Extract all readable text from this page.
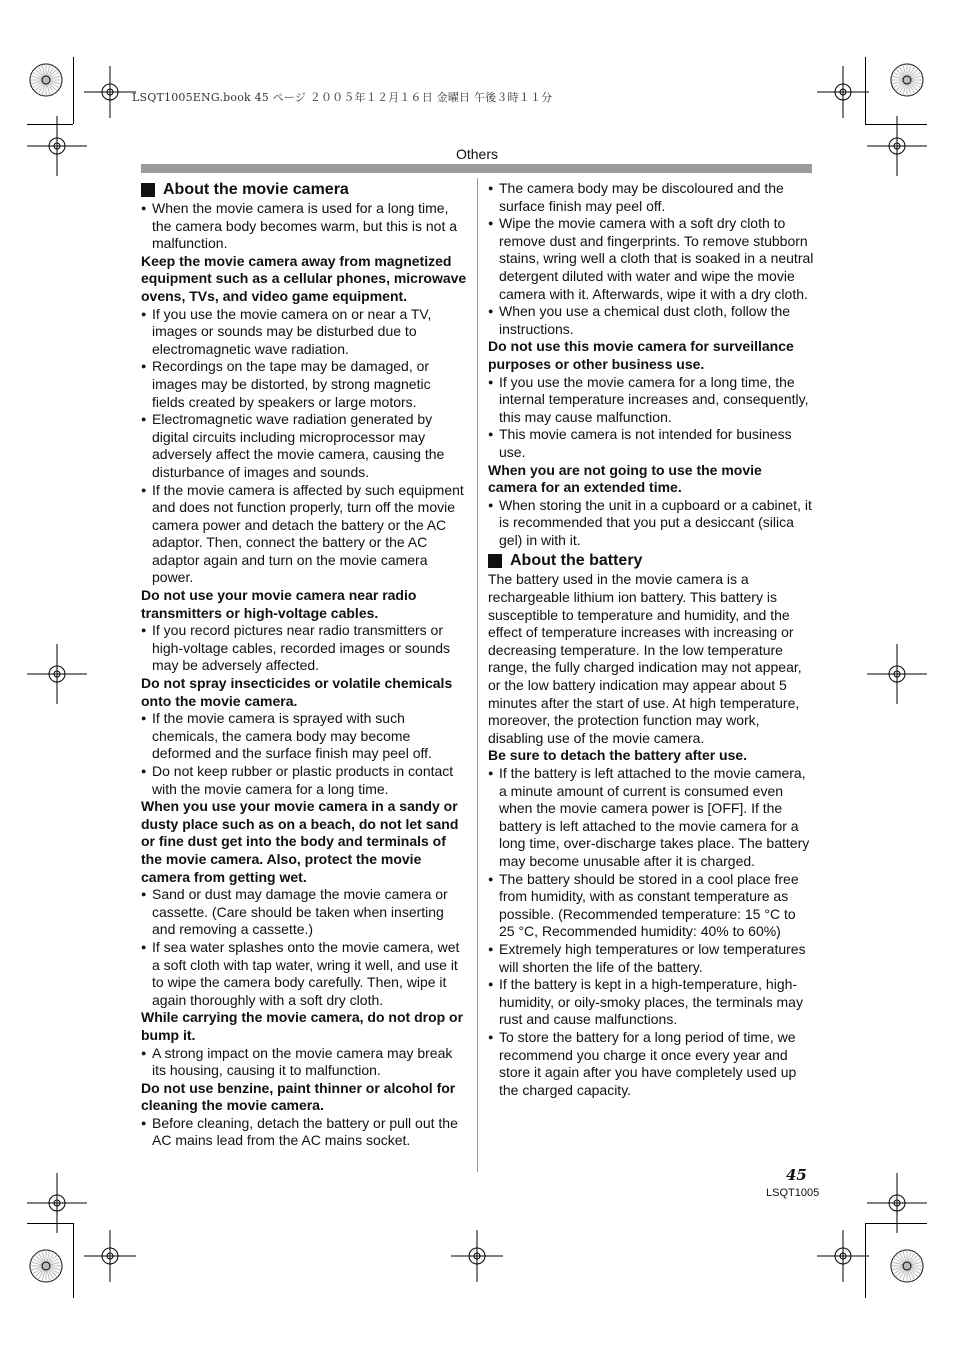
LSQT1005ENG.book 45 ページ ２００５年１２月１６日 金曜日 午後３時１１分
Others
About the movie camera

● When the movie camera is used for a long time, the camera body becomes warm, but this is not a malfunction.

Keep the movie camera away from magnetized equipment such as a cellular phones, microwave ovens, TVs, and video game equipment.

● If you use the movie camera on or near a TV, images or sounds may be disturbed due to electromagnetic wave radiation.

● Recordings on the tape may be damaged, or images may be distorted, by strong magnetic fields created by speakers or large motors.

● Electromagnetic wave radiation generated by digital circuits including microprocessor may adversely affect the movie camera, causing the disturbance of images and sounds.

● If the movie camera is affected by such equipment and does not function properly, turn off the movie camera power and detach the battery or the AC adaptor. Then, connect the battery or the AC adaptor again and turn on the movie camera power.

Do not use your movie camera near radio transmitters or high-voltage cables.

● If you record pictures near radio transmitters or high-voltage cables, recorded images or sounds may be adversely affected.

Do not spray insecticides or volatile chemicals onto the movie camera.

● If the movie camera is sprayed with such chemicals, the camera body may become deformed and the surface finish may peel off.

● Do not keep rubber or plastic products in contact with the movie camera for a long time.

When you use your movie camera in a sandy or dusty place such as on a beach, do not let sand or fine dust get into the body and terminals of the movie camera. Also, protect the movie camera from getting wet.

● Sand or dust may damage the movie camera or cassette. (Care should be taken when inserting and removing a cassette.)

● If sea water splashes onto the movie camera, wet a soft cloth with tap water, wring it well, and use it to wipe the camera body carefully. Then, wipe it again thoroughly with a soft dry cloth.

While carrying the movie camera, do not drop or bump it.

● A strong impact on the movie camera may break its housing, causing it to malfunction.

Do not use benzine, paint thinner or alcohol for cleaning the movie camera.

● Before cleaning, detach the battery or pull out the AC mains lead from the AC mains socket.

● The camera body may be discoloured and the surface finish may peel off.

● Wipe the movie camera with a soft dry cloth to remove dust and fingerprints. To remove stubborn stains, wring well a cloth that is soaked in a neutral detergent diluted with water and wipe the movie camera with it. Afterwards, wipe it with a dry cloth.

● When you use a chemical dust cloth, follow the instructions.

Do not use this movie camera for surveillance purposes or other business use.

● If you use the movie camera for a long time, the internal temperature increases and, consequently, this may cause malfunction.

● This movie camera is not intended for business use.

When you are not going to use the movie camera for an extended time.

● When storing the unit in a cupboard or a cabinet, it is recommended that you put a desiccant (silica gel) in with it.

About the battery

The battery used in the movie camera is a rechargeable lithium ion battery. This battery is susceptible to temperature and humidity, and the effect of temperature increases with increasing or decreasing temperature. In the low temperature range, the fully charged indication may not appear, or the low battery indication may appear about 5 minutes after the start of use. At high temperature, moreover, the protection function may work, disabling use of the movie camera.

Be sure to detach the battery after use.

● If the battery is left attached to the movie camera, a minute amount of current is consumed even when the movie camera power is [OFF]. If the battery is left attached to the movie camera for a long time, over-discharge takes place. The battery may become unusable after it is charged.

● The battery should be stored in a cool place free from humidity, with as constant temperature as possible. (Recommended temperature: 15 °C to 25 °C, Recommended humidity: 40% to 60%)

● Extremely high temperatures or low temperatures will shorten the life of the battery.

● If the battery is kept in a high-temperature, high-humidity, or oily-smoky places, the terminals may rust and cause malfunctions.

● To store the battery for a long period of time, we recommend you charge it once every year and store it again after you have completely used up the charged capacity.

45
LSQT1005
